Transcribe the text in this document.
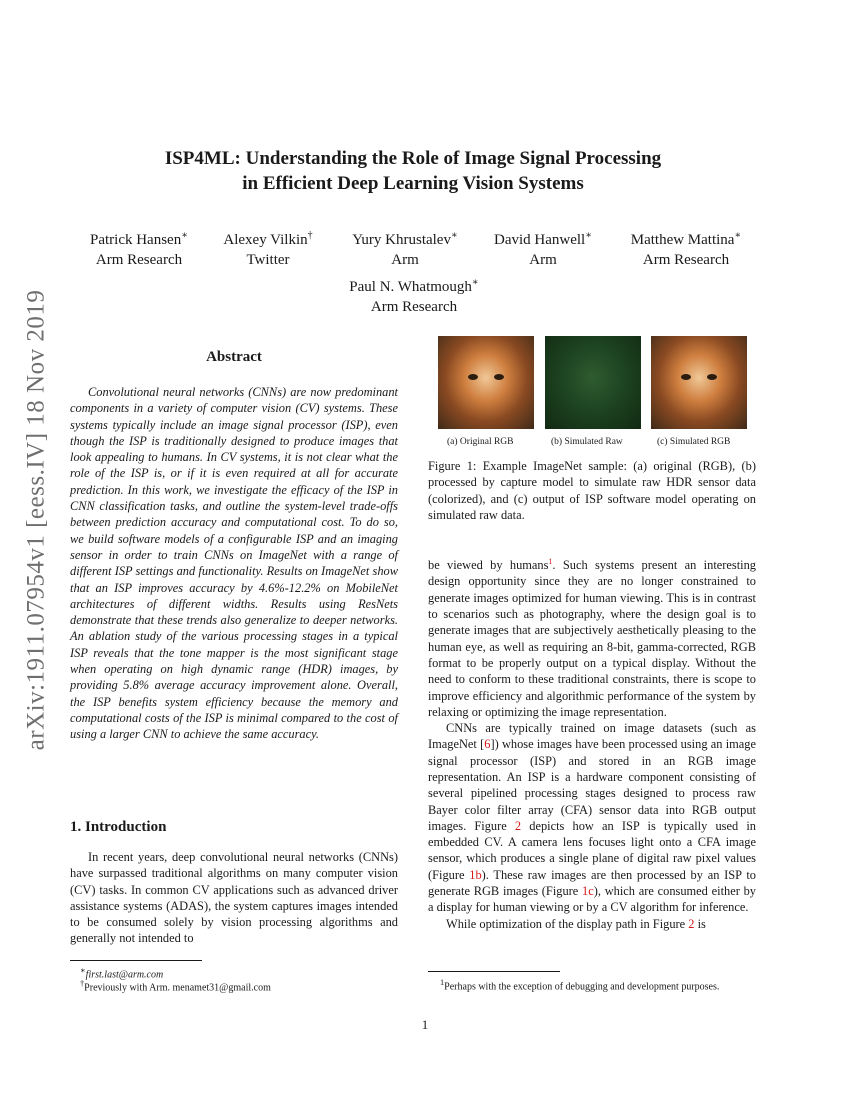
arXiv:1911.07954v1 [eess.IV] 18 Nov 2019
ISP4ML: Understanding the Role of Image Signal Processing
in Efficient Deep Learning Vision Systems
Patrick Hansen∗
Arm Research
Alexey Vilkin†
Twitter
Yury Khrustalev∗
Arm
David Hanwell∗
Arm
Matthew Mattina∗
Arm Research
Paul N. Whatmough∗
Arm Research
Abstract
Convolutional neural networks (CNNs) are now predominant components in a variety of computer vision (CV) systems. These systems typically include an image signal processor (ISP), even though the ISP is traditionally designed to produce images that look appealing to humans. In CV systems, it is not clear what the role of the ISP is, or if it is even required at all for accurate prediction. In this work, we investigate the efficacy of the ISP in CNN classification tasks, and outline the system-level trade-offs between prediction accuracy and computational cost. To do so, we build software models of a configurable ISP and an imaging sensor in order to train CNNs on ImageNet with a range of different ISP settings and functionality. Results on ImageNet show that an ISP improves accuracy by 4.6%-12.2% on MobileNet architectures of different widths. Results using ResNets demonstrate that these trends also generalize to deeper networks. An ablation study of the various processing stages in a typical ISP reveals that the tone mapper is the most significant stage when operating on high dynamic range (HDR) images, by providing 5.8% average accuracy improvement alone. Overall, the ISP benefits system efficiency because the memory and computational costs of the ISP is minimal compared to the cost of using a larger CNN to achieve the same accuracy.
1. Introduction
In recent years, deep convolutional neural networks (CNNs) have surpassed traditional algorithms on many computer vision (CV) tasks. In common CV applications such as advanced driver assistance systems (ADAS), the system captures images intended to be consumed solely by vision processing algorithms and generally not intended to
∗first.last@arm.com
†Previously with Arm. menamet31@gmail.com
(a) Original RGB	(b) Simulated Raw	(c) Simulated RGB
Figure 1: Example ImageNet sample: (a) original (RGB), (b) processed by capture model to simulate raw HDR sensor data (colorized), and (c) output of ISP software model operating on simulated raw data.

be viewed by humans$^1$. Such systems present an interesting design opportunity since they are no longer constrained to generate images optimized for human viewing. This is in contrast to scenarios such as photography, where the design goal is to generate images that are subjectively aesthetically pleasing to the human eye, as well as requiring an 8-bit, gamma-corrected, RGB format to be properly output on a typical display. Without the need to conform to these traditional constraints, there is scope to improve efficiency and algorithmic performance of the system by relaxing or optimizing the image representation.

CNNs are typically trained on image datasets (such as ImageNet [6]) whose images have been processed using an image signal processor (ISP) and stored in an RGB image representation. An ISP is a hardware component consisting of several pipelined processing stages designed to process raw Bayer color filter array (CFA) sensor data into RGB output images. Figure 2 depicts how an ISP is typically used in embedded CV. A camera lens focuses light onto a CFA image sensor, which produces a single plane of digital raw pixel values (Figure 1b). These raw images are then processed by an ISP to generate RGB images (Figure 1c), which are consumed either by a display for human viewing or by a CV algorithm for inference.

While optimization of the display path in Figure 2 is

$^1$Perhaps with the exception of debugging and development purposes.
1
